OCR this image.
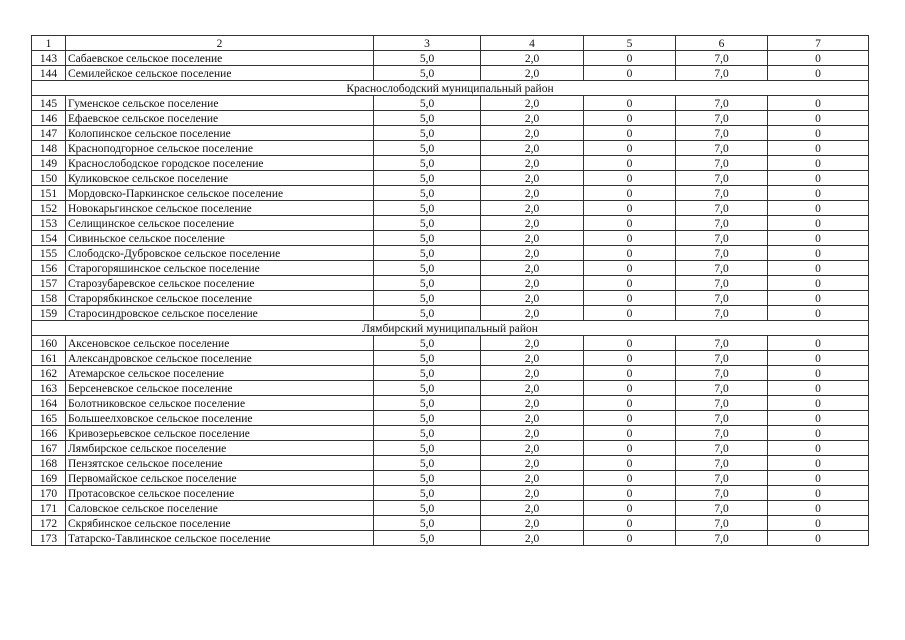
1	2	3	4	5	6	7
143	Сабаевское сельское поселение	5,0	2,0	0	7,0	0
144	Семилейское сельское поселение	5,0	2,0	0	7,0	0
Краснослободский муниципальный район						
145	Гуменское сельское поселение	5,0	2,0	0	7,0	0
146	Ефаевское сельское поселение	5,0	2,0	0	7,0	0
147	Колопинское сельское поселение	5,0	2,0	0	7,0	0
148	Красноподгорное сельское поселение	5,0	2,0	0	7,0	0
149	Краснослободское городское поселение	5,0	2,0	0	7,0	0
150	Куликовское сельское поселение	5,0	2,0	0	7,0	0
151	Мордовско-Паркинское сельское поселение	5,0	2,0	0	7,0	0
152	Новокарьгинское сельское поселение	5,0	2,0	0	7,0	0
153	Селищинское сельское поселение	5,0	2,0	0	7,0	0
154	Сивиньское сельское поселение	5,0	2,0	0	7,0	0
155	Слободско-Дубровское сельское поселение	5,0	2,0	0	7,0	0
156	Старогоряшинское сельское поселение	5,0	2,0	0	7,0	0
157	Старозубаревское сельское поселение	5,0	2,0	0	7,0	0
158	Старорябкинское сельское поселение	5,0	2,0	0	7,0	0
159	Старосиндровское сельское поселение	5,0	2,0	0	7,0	0
Лямбирский муниципальный район						
160	Аксеновское сельское поселение	5,0	2,0	0	7,0	0
161	Александровское сельское поселение	5,0	2,0	0	7,0	0
162	Атемарское сельское поселение	5,0	2,0	0	7,0	0
163	Берсеневское сельское поселение	5,0	2,0	0	7,0	0
164	Болотниковское сельское поселение	5,0	2,0	0	7,0	0
165	Большеелховское сельское поселение	5,0	2,0	0	7,0	0
166	Кривозерьевское сельское поселение	5,0	2,0	0	7,0	0
167	Лямбирское сельское поселение	5,0	2,0	0	7,0	0
168	Пензятское сельское поселение	5,0	2,0	0	7,0	0
169	Первомайское сельское поселение	5,0	2,0	0	7,0	0
170	Протасовское сельское поселение	5,0	2,0	0	7,0	0
171	Саловское сельское поселение	5,0	2,0	0	7,0	0
172	Скрябинское сельское поселение	5,0	2,0	0	7,0	0
173	Татарско-Тавлинское сельское поселение	5,0	2,0	0	7,0	0
